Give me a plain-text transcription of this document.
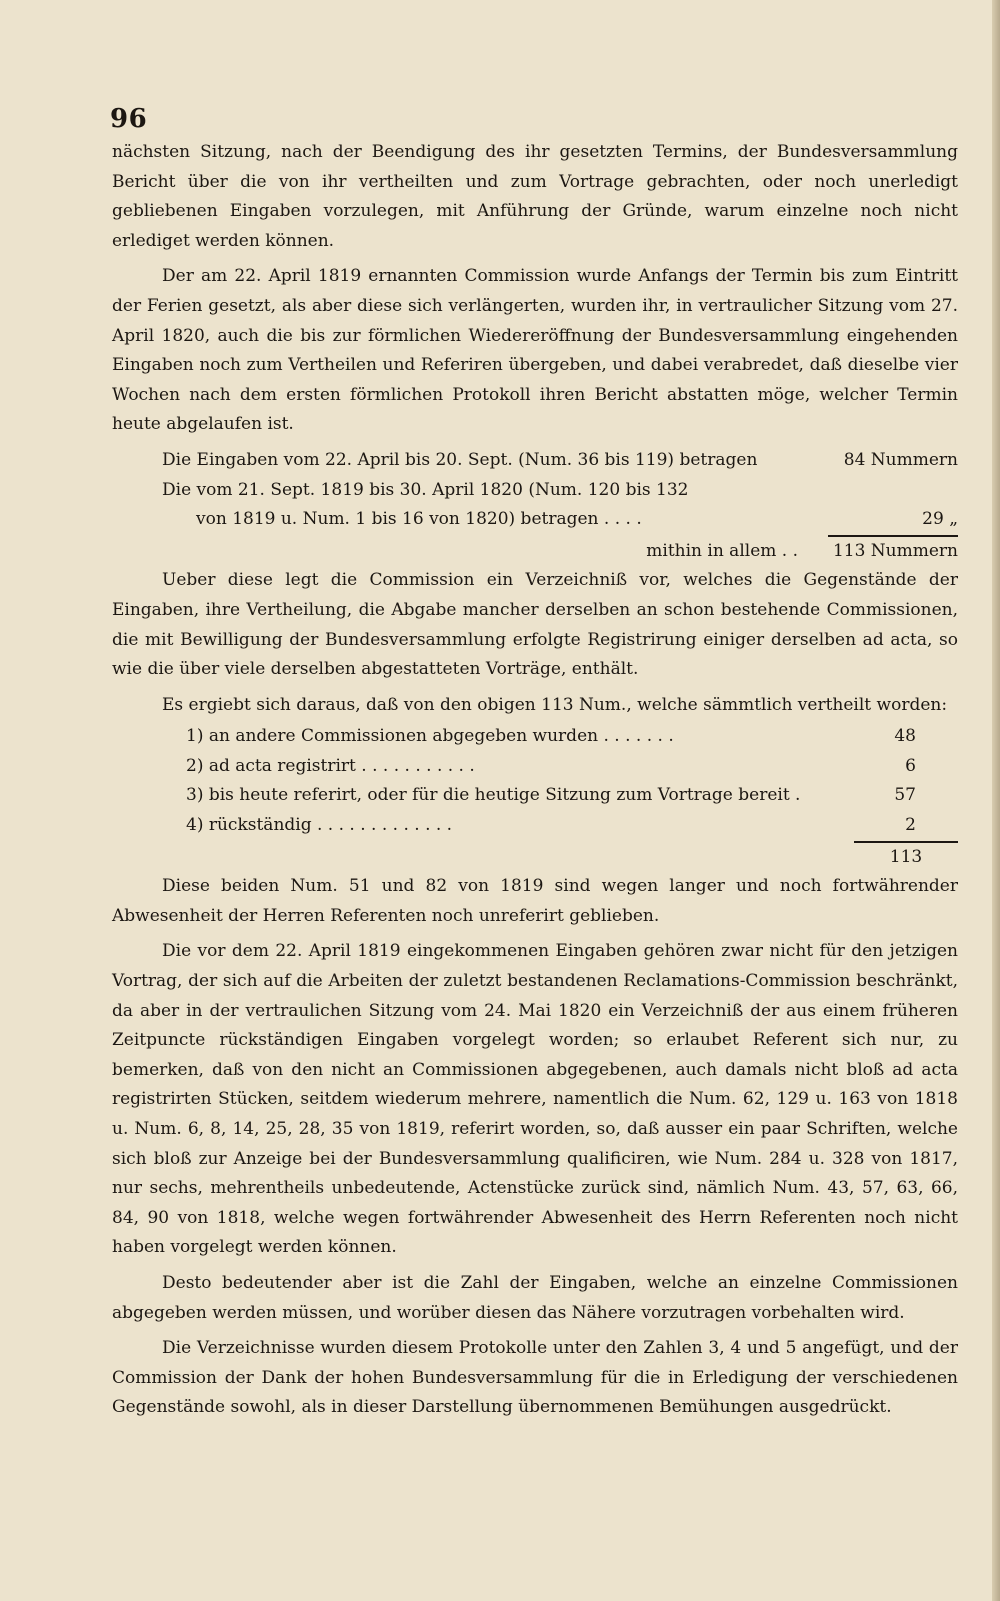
96

nächsten Sitzung, nach der Beendigung des ihr gesetzten Termins, der Bundesversammlung Bericht über die von ihr vertheilten und zum Vortrage gebrachten, oder noch unerledigt gebliebenen Eingaben vorzulegen, mit Anführung der Gründe, warum einzelne noch nicht erlediget werden können.

Der am 22. April 1819 ernannten Commission wurde Anfangs der Termin bis zum Eintritt der Ferien gesetzt, als aber diese sich verlängerten, wurden ihr, in vertraulicher Sitzung vom 27. April 1820, auch die bis zur förmlichen Wiedereröffnung der Bundesversammlung eingehenden Eingaben noch zum Vertheilen und Referiren übergeben, und dabei verabredet, daß dieselbe vier Wochen nach dem ersten förmlichen Protokoll ihren Bericht abstatten möge, welcher Termin heute abgelaufen ist.

Die Eingaben vom 22. April bis 20. Sept. (Num. 36 bis 119) betragen	84 Nummern
Die vom 21. Sept. 1819 bis 30. April 1820 (Num. 120 bis 132
von 1819 u. Num. 1 bis 16 von 1820) betragen . . . .	29 „
mithin in allem . . 113 Nummern

Ueber diese legt die Commission ein Verzeichniß vor, welches die Gegenstände der Eingaben, ihre Vertheilung, die Abgabe mancher derselben an schon bestehende Commissionen, die mit Bewilligung der Bundesversammlung erfolgte Registrirung einiger derselben ad acta, so wie die über viele derselben abgestatteten Vorträge, enthält.

Es ergiebt sich daraus, daß von den obigen 113 Num., welche sämmtlich vertheilt worden:

1) an andere Commissionen abgegeben wurden . . . . . . .	48
2) ad acta registrirt . . . . . . . . . . .	6
3) bis heute referirt, oder für die heutige Sitzung zum Vortrage bereit .	57
4) rückständig . . . . . . . . . . . . .	2
113

Diese beiden Num. 51 und 82 von 1819 sind wegen langer und noch fortwährender Abwesenheit der Herren Referenten noch unreferirt geblieben.

Die vor dem 22. April 1819 eingekommenen Eingaben gehören zwar nicht für den jetzigen Vortrag, der sich auf die Arbeiten der zuletzt bestandenen Reclamations-Commission beschränkt, da aber in der vertraulichen Sitzung vom 24. Mai 1820 ein Verzeichniß der aus einem früheren Zeitpuncte rückständigen Eingaben vorgelegt worden; so erlaubet Referent sich nur, zu bemerken, daß von den nicht an Commissionen abgegebenen, auch damals nicht bloß ad acta registrirten Stücken, seitdem wiederum mehrere, namentlich die Num. 62, 129 u. 163 von 1818 u. Num. 6, 8, 14, 25, 28, 35 von 1819, referirt worden, so, daß ausser ein paar Schriften, welche sich bloß zur Anzeige bei der Bundesversammlung qualificiren, wie Num. 284 u. 328 von 1817, nur sechs, mehrentheils unbedeutende, Actenstücke zurück sind, nämlich Num. 43, 57, 63, 66, 84, 90 von 1818, welche wegen fortwährender Abwesenheit des Herrn Referenten noch nicht haben vorgelegt werden können.

Desto bedeutender aber ist die Zahl der Eingaben, welche an einzelne Commissionen abgegeben werden müssen, und worüber diesen das Nähere vorzutragen vorbehalten wird.

Die Verzeichnisse wurden diesem Protokolle unter den Zahlen 3, 4 und 5 angefügt, und der Commission der Dank der hohen Bundesversammlung für die in Erledigung der verschiedenen Gegenstände sowohl, als in dieser Darstellung übernommenen Bemühungen ausgedrückt.
